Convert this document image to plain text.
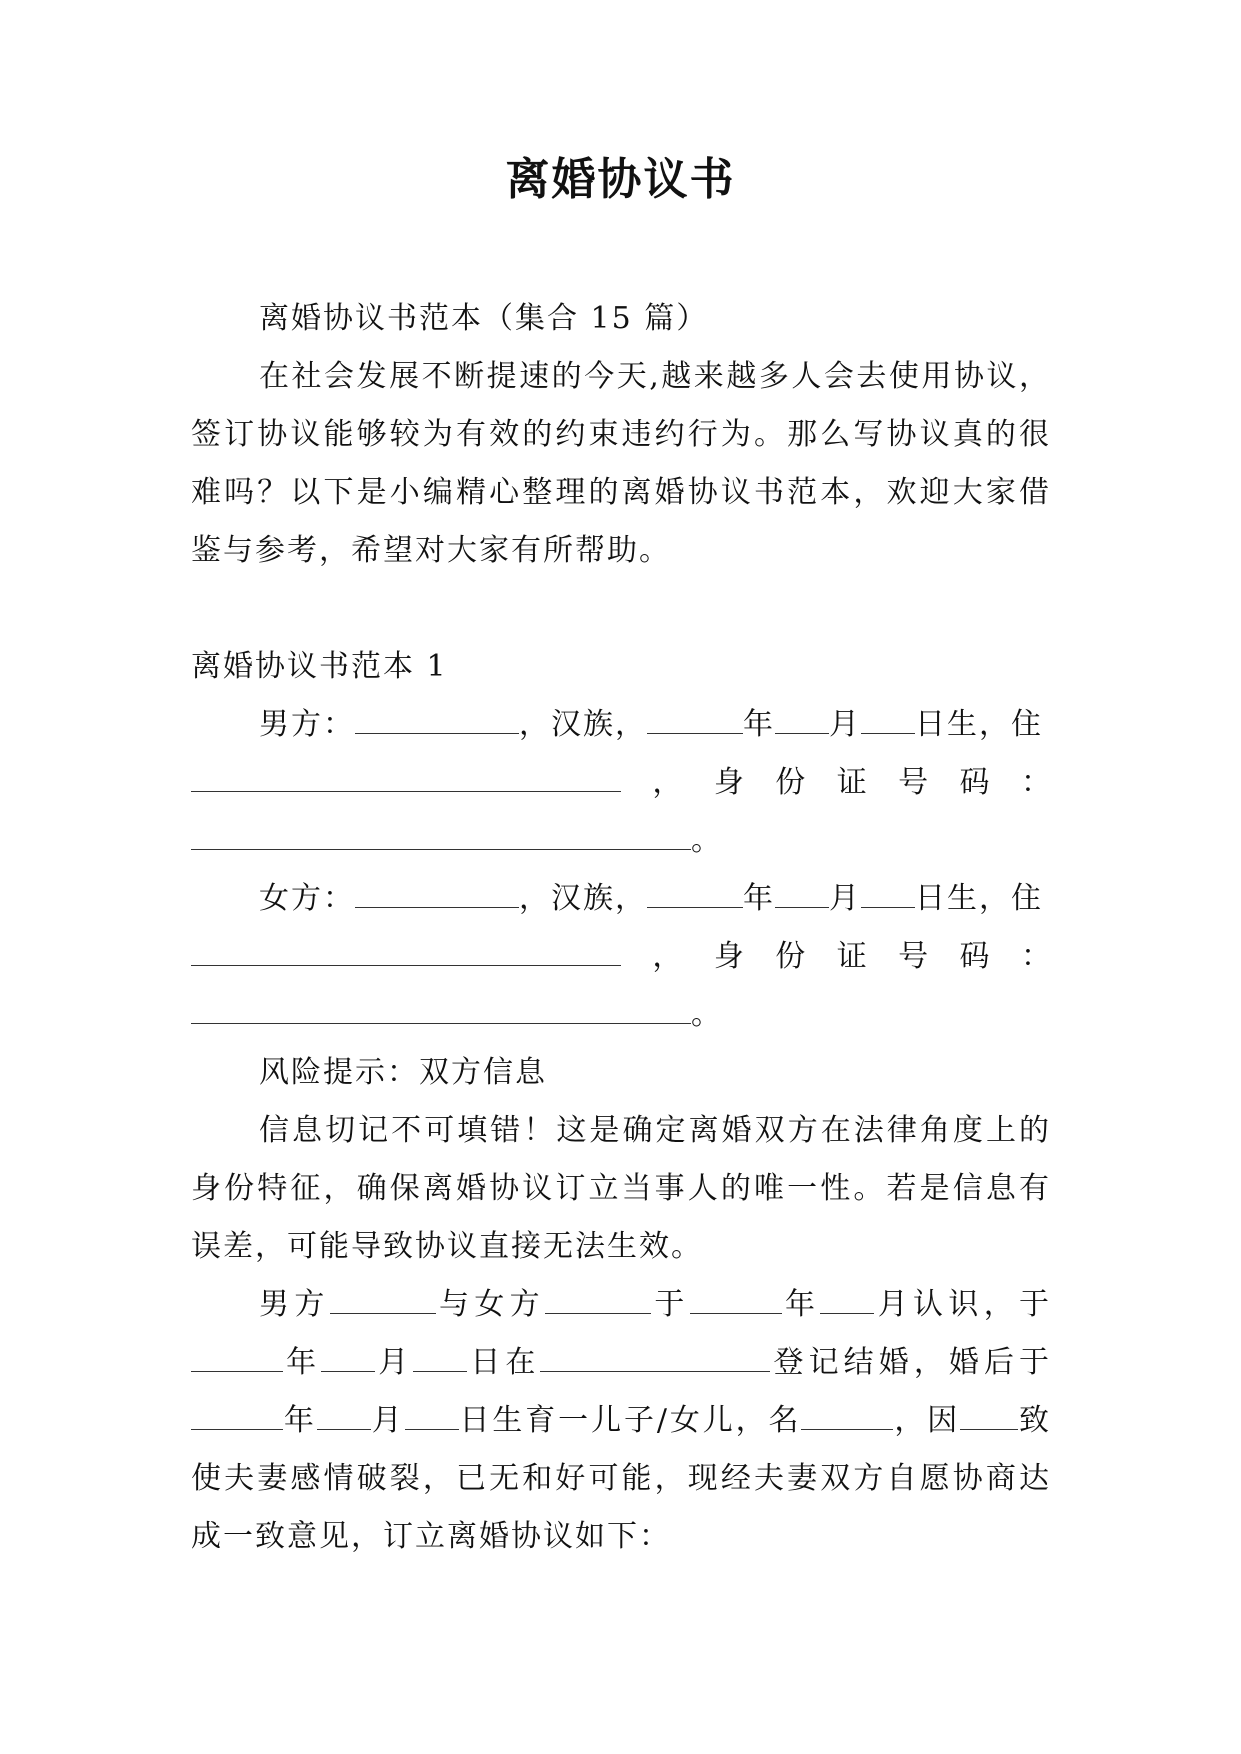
离婚协议书

离婚协议书范本（集合 15 篇）

在社会发展不断提速的今天,越来越多人会去使用协议，签订协议能够较为有效的约束违约行为。那么写协议真的很难吗？以下是小编精心整理的离婚协议书范本，欢迎大家借鉴与参考，希望对大家有所帮助。

离婚协议书范本 1

男方：	，汉族，	年 月 日生，住

， 身 份 证 号 码 ：

。

女方：	，汉族，	年 月 日生，住

， 身 份 证 号 码 ：

。

风险提示：双方信息

信息切记不可填错！这是确定离婚双方在法律角度上的身份特征，确保离婚协议订立当事人的唯一性。若是信息有误差，可能导致协议直接无法生效。

男方	与女方	于	年 月认识，于年 月 日在	登记结婚，婚后于年 月 日生育一儿子/女儿，名	，因 致使夫妻感情破裂，已无和好可能，现经夫妻双方自愿协商达成一致意见，订立离婚协议如下：
